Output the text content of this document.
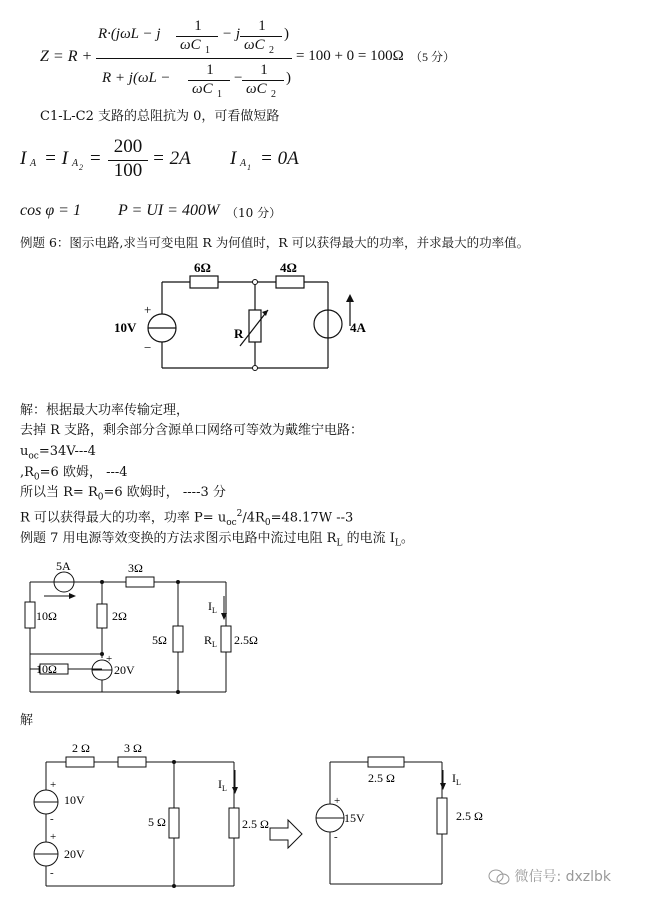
Z = R +
R·(jωL − j	1
ωC 1
− j	1
ωC 2
)
R + j(ωL −	1
ωC 1
−	1
ωC 2
)
= 100 + 0 = 100Ω （5 分）
C1-L-C2 支路的总阻抗为 0，可看做短路
I A = I A 2 =
200
100
= 2A I A 1 = 0A
cos φ = 1 P = UI = 400W （10 分）
例题 6：图示电路,求当可变电阻 R 为何值时，R 可以获得最大的功率，并求最大的功率值。
6Ω	4Ω
10V
+
−
R	4A
解：根据最大功率传输定理，
去掉 R 支路，剩余部分含源单口网络可等效为戴维宁电路：
$u_{oc}=34V---4$
$,R_0=6$ 欧姆， ---4
所以当 $R= R_0=6$ 欧姆时， ----3 分
R 可以获得最大的功率，功率 $P= u_{oc}^2/4R_0=48.17W$ --3
例题 7 用电源等效变换的方法求图示电路中流过电阻 $R_L$ 的电流 $I_L$。
5A	3Ω
10Ω	2Ω
$I_L$
5Ω	$R_L$ 2.5Ω
10Ω	20V
+
解
2 Ω	3 Ω
+
10V
-
+
20V
-
5 Ω
$I_L$
2.5 Ω
2.5 Ω	$I_L$
+
15V
-
2.5 Ω
微信号: dxzlbk
